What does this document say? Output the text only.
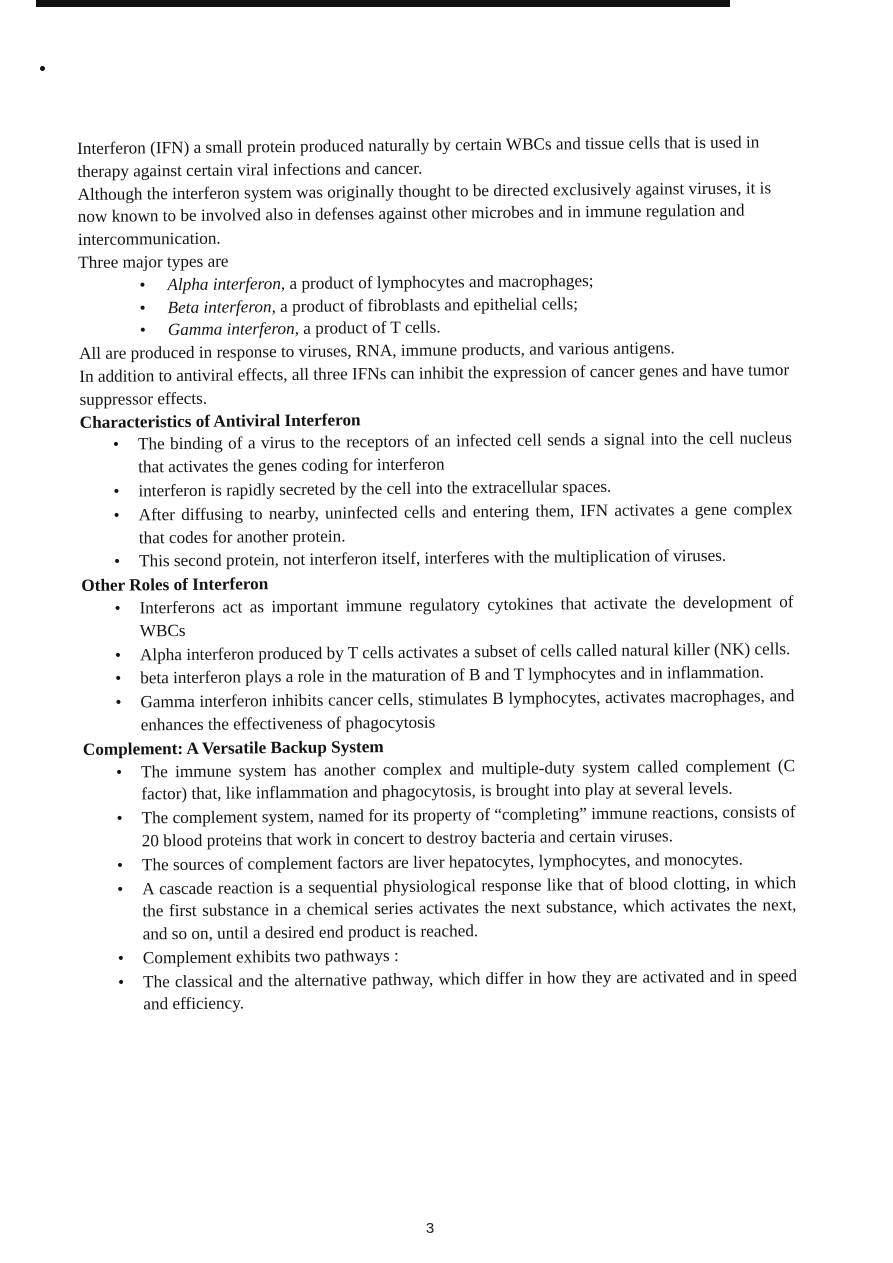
Interferon (IFN) a small protein produced naturally by certain WBCs and tissue cells that is used in therapy against certain viral infections and cancer.

Although the interferon system was originally thought to be directed exclusively against viruses, it is now known to be involved also in defenses against other microbes and in immune regulation and intercommunication.

Three major types are

• Alpha interferon, a product of lymphocytes and macrophages;
• Beta interferon, a product of fibroblasts and epithelial cells;
• Gamma interferon, a product of T cells.

All are produced in response to viruses, RNA, immune products, and various antigens.

In addition to antiviral effects, all three IFNs can inhibit the expression of cancer genes and have tumor suppressor effects.

Characteristics of Antiviral Interferon

• The binding of a virus to the receptors of an infected cell sends a signal into the cell nucleus that activates the genes coding for interferon
• interferon is rapidly secreted by the cell into the extracellular spaces.
• After diffusing to nearby, uninfected cells and entering them, IFN activates a gene complex that codes for another protein.
• This second protein, not interferon itself, interferes with the multiplication of viruses.

Other Roles of Interferon

• Interferons act as important immune regulatory cytokines that activate the development of WBCs
• Alpha interferon produced by T cells activates a subset of cells called natural killer (NK) cells.
• beta interferon plays a role in the maturation of B and T lymphocytes and in inflammation.
• Gamma interferon inhibits cancer cells, stimulates B lymphocytes, activates macrophages, and enhances the effectiveness of phagocytosis

Complement: A Versatile Backup System

• The immune system has another complex and multiple-duty system called complement (C factor) that, like inflammation and phagocytosis, is brought into play at several levels.
• The complement system, named for its property of “completing” immune reactions, consists of 20 blood proteins that work in concert to destroy bacteria and certain viruses.
• The sources of complement factors are liver hepatocytes, lymphocytes, and monocytes.
• A cascade reaction is a sequential physiological response like that of blood clotting, in which the first substance in a chemical series activates the next substance, which activates the next, and so on, until a desired end product is reached.
• Complement exhibits two pathways :
• The classical and the alternative pathway, which differ in how they are activated and in speed and efficiency.
3
